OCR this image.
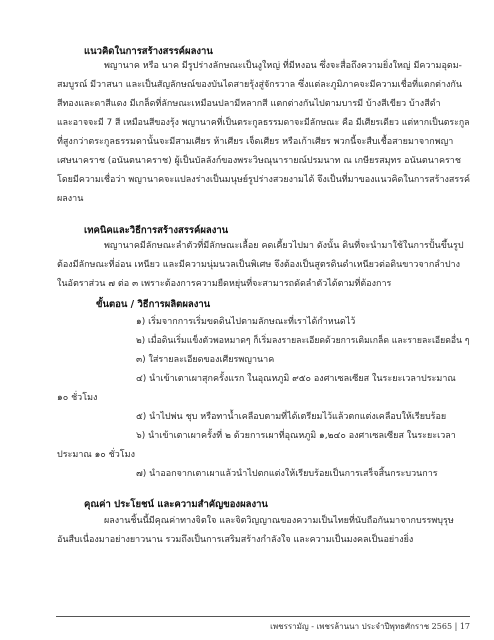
แนวคิดในการสร้างสรรค์ผลงาน
พญานาค หรือ นาค มีรูปร่างลักษณะเป็นงูใหญ่ ที่มีหงอน ซึ่งจะสื่อถึงความยิ่งใหญ่ มีความอุดม-
สมบูรณ์ มีวาสนา และเป็นสัญลักษณ์ของบันไดสายรุ้งสู่จักรวาล ซึ่งแต่ละภูมิภาคจะมีความเชื่อที่แตกต่างกัน
สีทองและดาสีแดง มีเกล็ดที่ลักษณะเหมือนปลามีหลากสี แตกต่างกันไปตามบารมี บ้างสีเขียว บ้างสีดำ
และอาจจะมี 7 สี เหมือนสีของรุ้ง พญานาคที่เป็นตระกูลธรรมดาจะมีลักษณะ คือ มีเศียรเดียว แต่หากเป็นตระกูล
ที่สูงกว่าตระกูลธรรมดานั้นจะมีสามเศียร ห้าเศียร เจ็ดเศียร หรือเก้าเศียร พวกนี้จะสืบเชื้อสายมาจากพญา
เศษนาคราช (อนันตนาคราช) ผู้เป็นบัลลังก์ของพระวิษณุนารายณ์ปรมนาท ณ เกษียรสมุทร อนันตนาคราช
โดยมีความเชื่อว่า พญานาคจะแปลงร่างเป็นมนุษย์รูปร่างสวยงามได้ จึงเป็นที่มาของแนวคิดในการสร้างสรรค์
ผลงาน
เทคนิคและวิธีการสร้างสรรค์ผลงาน
พญานาคมีลักษณะลำตัวที่มีลักษณะเลื้อย คดเคี้ยวไปมา ดังนั้น ดินที่จะนำมาใช้ในการปั้นขึ้นรูป
ต้องมีลักษณะที่อ่อน เหนียว และมีความนุ่มนวลเป็นพิเศษ จึงต้องเป็นสูตรดินดำเหนียวต่อดินขาวจากลำปาง
ในอัตราส่วน ๗ ต่อ ๓ เพราะต้องการความยืดหยุ่นที่จะสามารถดัดลำตัวได้ตามที่ต้องการ
ขั้นตอน / วิธีการผลิตผลงาน
๑) เริ่มจากการเริ่มขดดินไปตามลักษณะที่เราได้กำหนดไว้
๒) เมื่อดินเริ่มแข็งตัวพอหมาดๆ ก็เริ่มลงรายละเอียดด้วยการเติมเกล็ด และรายละเอียดอื่น ๆ
๓) ใส่รายละเอียดของเศียรพญานาค
๔) นำเข้าเตาเผาสุกครั้งแรก ในอุณหภูมิ ๙๕๐ องศาเซลเซียส ในระยะเวลาประมาณ
๑๐ ชั่วโมง
๕) นำไปพ่น ชุบ หรือทาน้ำเคลือบตามที่ได้เตรียมไว้แล้วตกแต่งเคลือบให้เรียบร้อย
๖) นำเข้าเตาเผาครั้งที่ ๒ ด้วยการเผาที่อุณหภูมิ ๑,๒๔๐ องศาเซลเซียส ในระยะเวลา
ประมาณ ๑๐ ชั่วโมง
๗) นำออกจากเตาเผาแล้วนำไปตกแต่งให้เรียบร้อยเป็นการเสร็จสิ้นกระบวนการ
คุณค่า ประโยชน์ และความสำคัญของผลงาน
ผลงานชิ้นนี้มีคุณค่าทางจิตใจ และจิตวิญญาณของความเป็นไทยที่นับถือกันมาจากบรรพบุรุษ
อันสืบเนื่องมาอย่างยาวนาน รวมถึงเป็นการเสริมสร้างกำลังใจ และความเป็นมงคลเป็นอย่างยิ่ง
เพชรรามัญ - เพชรล้านนา ประจำปีพุทธศักราช 2565 | 17
